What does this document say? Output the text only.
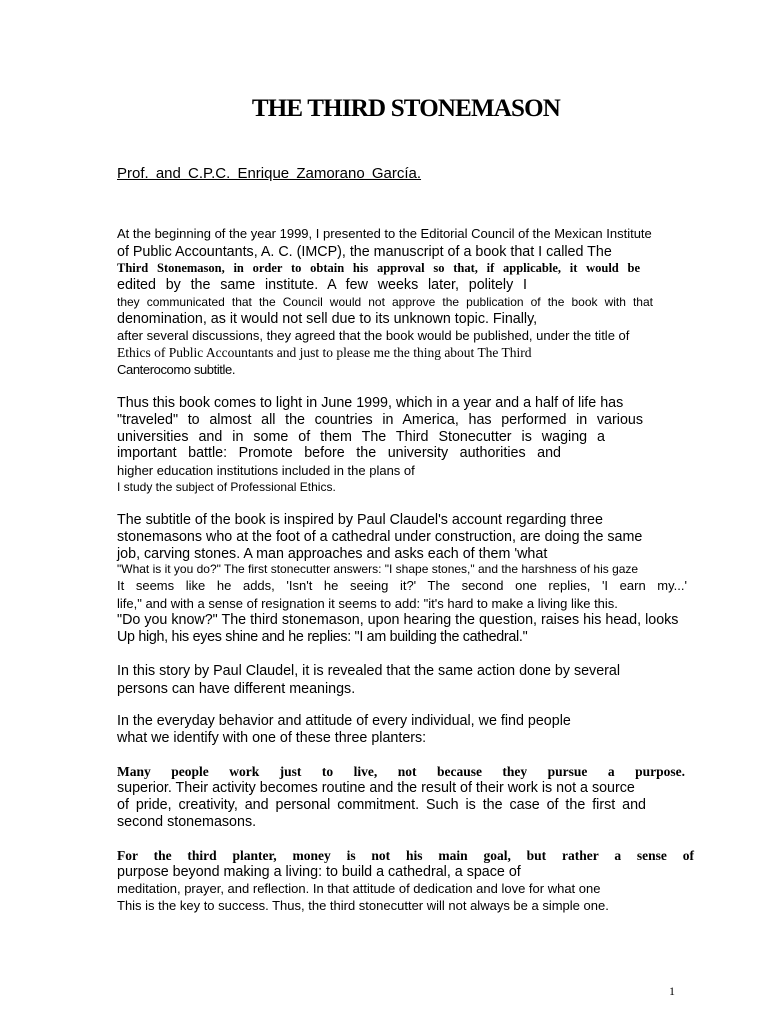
THE THIRD STONEMASON

Prof. and C.P.C. Enrique Zamorano García.

At the beginning of the year 1999, I presented to the Editorial Council of the Mexican Institute

of Public Accountants, A. C. (IMCP), the manuscript of a book that I called The

Third Stonemason, in order to obtain his approval so that, if applicable, it would be

edited by the same institute. A few weeks later, politely I

they communicated that the Council would not approve the publication of the book with that

denomination, as it would not sell due to its unknown topic. Finally,

after several discussions, they agreed that the book would be published, under the title of

Ethics of Public Accountants and just to please me the thing about The Third

Canterocomo subtitle.

Thus this book comes to light in June 1999, which in a year and a half of life has

"traveled" to almost all the countries in America, has performed in various

universities and in some of them The Third Stonecutter is waging a

important battle: Promote before the university authorities and

higher education institutions included in the plans of

I study the subject of Professional Ethics.

The subtitle of the book is inspired by Paul Claudel's account regarding three

stonemasons who at the foot of a cathedral under construction, are doing the same

job, carving stones. A man approaches and asks each of them 'what

"What is it you do?" The first stonecutter answers: "I shape stones," and the harshness of his gaze

It seems like he adds, 'Isn't he seeing it?' The second one replies, 'I earn my...'

life," and with a sense of resignation it seems to add: "it's hard to make a living like this.

"Do you know?" The third stonemason, upon hearing the question, raises his head, looks

Up high, his eyes shine and he replies: "I am building the cathedral."

In this story by Paul Claudel, it is revealed that the same action done by several

persons can have different meanings.

In the everyday behavior and attitude of every individual, we find people

what we identify with one of these three planters:

Many people work just to live, not because they pursue a purpose.

superior. Their activity becomes routine and the result of their work is not a source

of pride, creativity, and personal commitment. Such is the case of the first and

second stonemasons.

For the third planter, money is not his main goal, but rather a sense of

purpose beyond making a living: to build a cathedral, a space of

meditation, prayer, and reflection. In that attitude of dedication and love for what one

This is the key to success. Thus, the third stonecutter will not always be a simple one.

1
